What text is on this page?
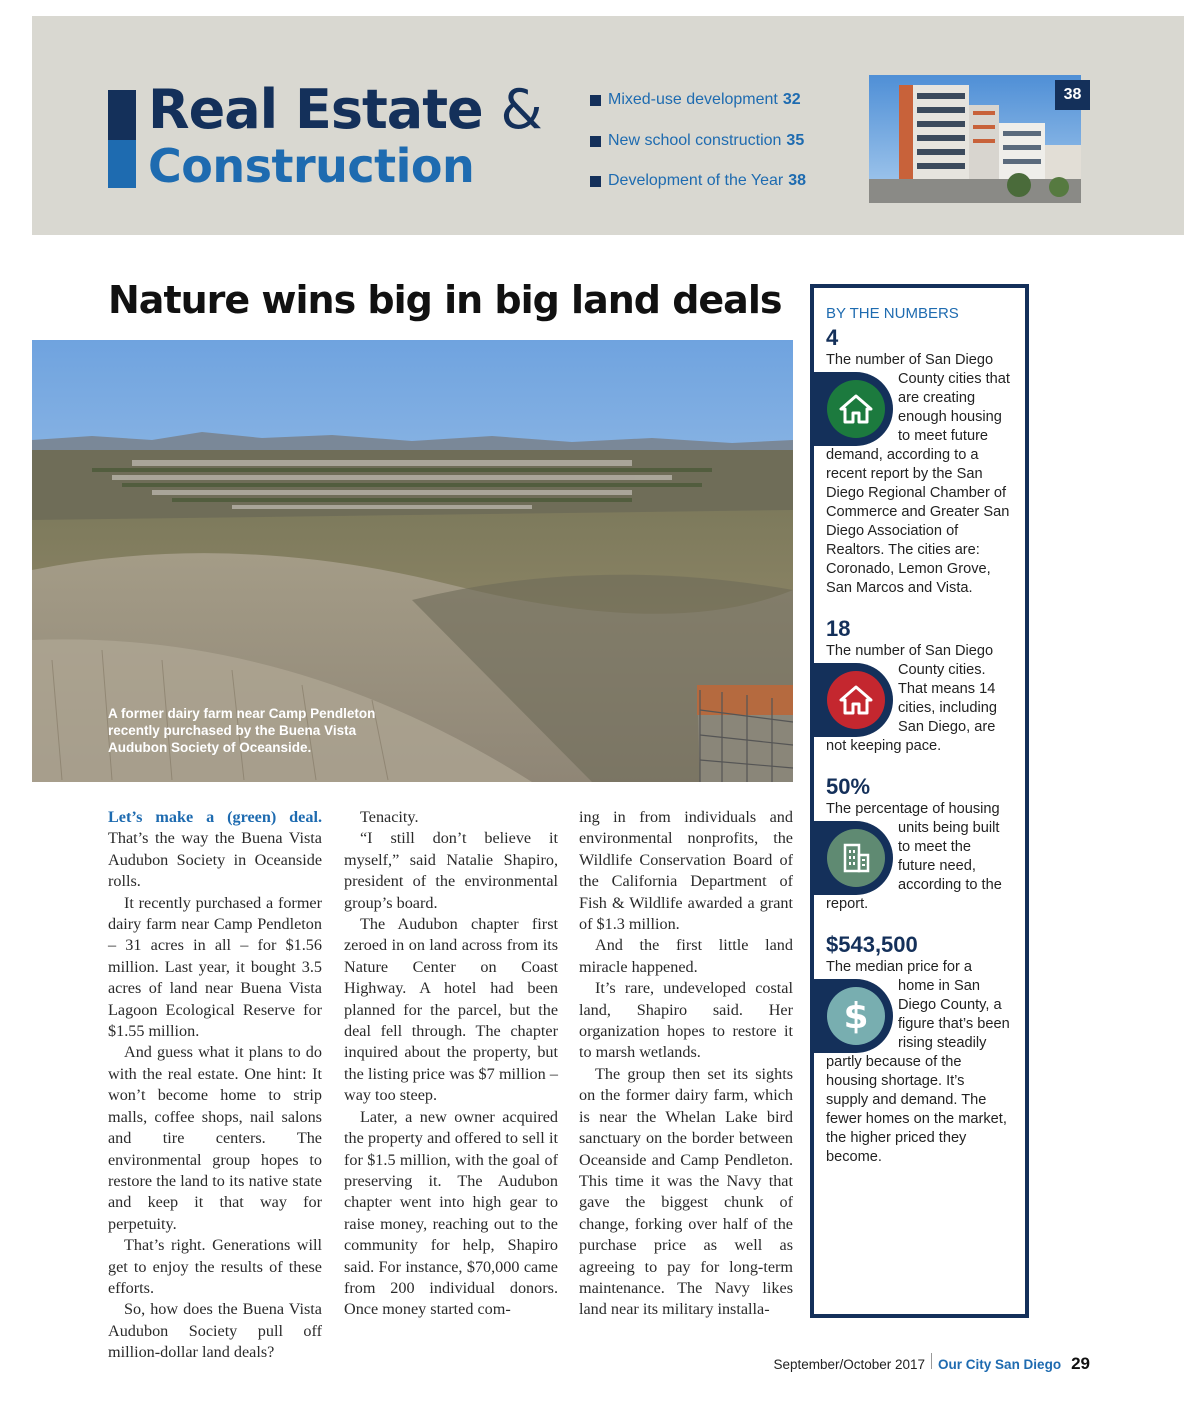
Real Estate &
Construction
Mixed-use development 32
New school construction 35
Development of the Year 38
38
Nature wins big in big land deals
A former dairy farm near Camp Pendleton recently purchased by the Buena Vista Audubon Society of Oceanside.

Let’s make a (green) deal. That’s the way the Buena Vista Audubon Society in Oceanside rolls.

It recently purchased a former dairy farm near Camp Pendleton – 31 acres in all – for $1.56 million. Last year, it bought 3.5 acres of land near Buena Vista Lagoon Ecological Reserve for $1.55 million.

And guess what it plans to do with the real estate. One hint: It won’t become home to strip malls, coffee shops, nail salons and tire centers. The environmental group hopes to restore the land to its native state and keep it that way for perpetuity.

That’s right. Generations will get to enjoy the results of these efforts.

So, how does the Buena Vista Audubon Society pull off million-dollar land deals?

Tenacity.

“I still don’t believe it myself,” said Natalie Shapiro, president of the environmental group’s board.

The Audubon chapter first zeroed in on land across from its Nature Center on Coast Highway. A hotel had been planned for the parcel, but the deal fell through. The chapter inquired about the property, but the listing price was $7 million – way too steep.

Later, a new owner acquired the property and offered to sell it for $1.5 million, with the goal of preserving it. The Audubon chapter went into high gear to raise money, reaching out to the community for help, Shapiro said. For instance, $70,000 came from 200 individual donors. Once money started com-

ing in from individuals and environmental nonprofits, the Wildlife Conservation Board of the California Department of Fish & Wildlife awarded a grant of $1.3 million.

And the first little land miracle happened.

It’s rare, undeveloped costal land, Shapiro said. Her organization hopes to restore it to marsh wetlands.

The group then set its sights on the former dairy farm, which is near the Whelan Lake bird sanctuary on the border between Oceanside and Camp Pendleton. This time it was the Navy that gave the biggest chunk of change, forking over half of the purchase price as well as agreeing to pay for long-term maintenance. The Navy likes land near its military installa-

BY THE NUMBERS
4
The number of San Diego County cities that
are creating enough housing to meet future demand, according to a recent report by the San Diego Regional Chamber of Commerce and Greater San Diego Association of Realtors. The cities are: Coronado, Lemon Grove, San Marcos and Vista.
18
The number of San Diego
County cities. That means 14 cities, including San Diego, are not keeping pace.
50%
The percentage of housing units being built to meet the future need, according to the report.
$543,500
The median price for a
$
home in San Diego County, a figure that’s been rising steadily partly because of the housing shortage. It’s supply and demand. The fewer homes on the market, the higher priced they become.
September/October 2017 Our City San Diego 29
